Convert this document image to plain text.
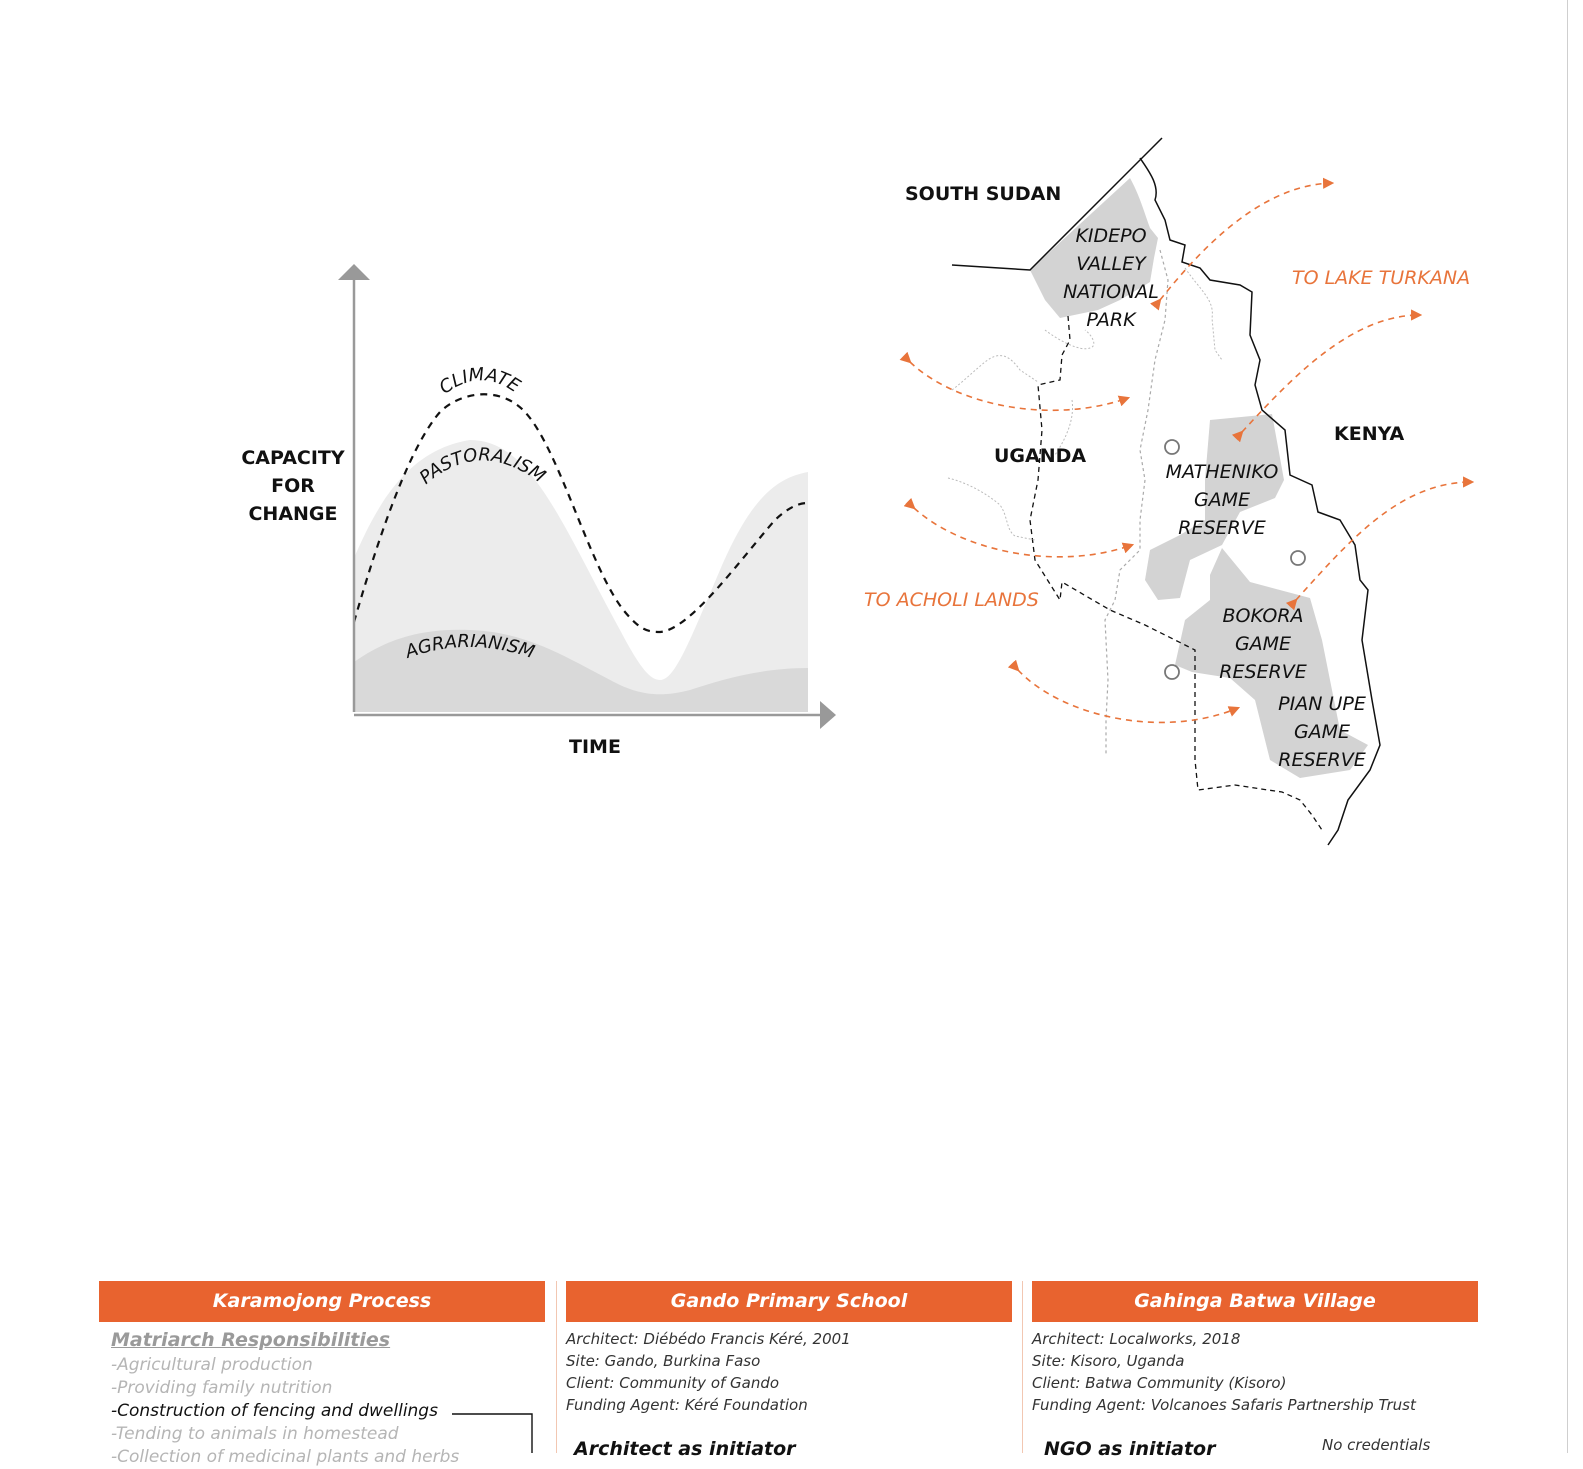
CAPACITY
FOR
CHANGE
TIME
CLIMATE
PASTORALISM
AGRARIANISM
SOUTH SUDAN
UGANDA
KENYA
KIDEPO
VALLEY
NATIONAL
PARK
MATHENIKO
GAME
RESERVE
BOKORA
GAME
RESERVE
PIAN UPE
GAME
RESERVE
TO LAKE TURKANA
TO ACHOLI LANDS
Karamojong Process
Matriarch Responsibilities
-Agricultural production
-Providing family nutrition
-Construction of fencing and dwellings
-Tending to animals in homestead
-Collection of medicinal plants and herbs
Gando Primary School
Architect: Diébédo Francis Kéré, 2001
Site: Gando, Burkina Faso
Client: Community of Gando
Funding Agent: Kéré Foundation
Architect as initiator
Gahinga Batwa Village
Architect: Localworks, 2018
Site: Kisoro, Uganda
Client: Batwa Community (Kisoro)
Funding Agent: Volcanoes Safaris Partnership Trust
NGO as initiator	No credentials
